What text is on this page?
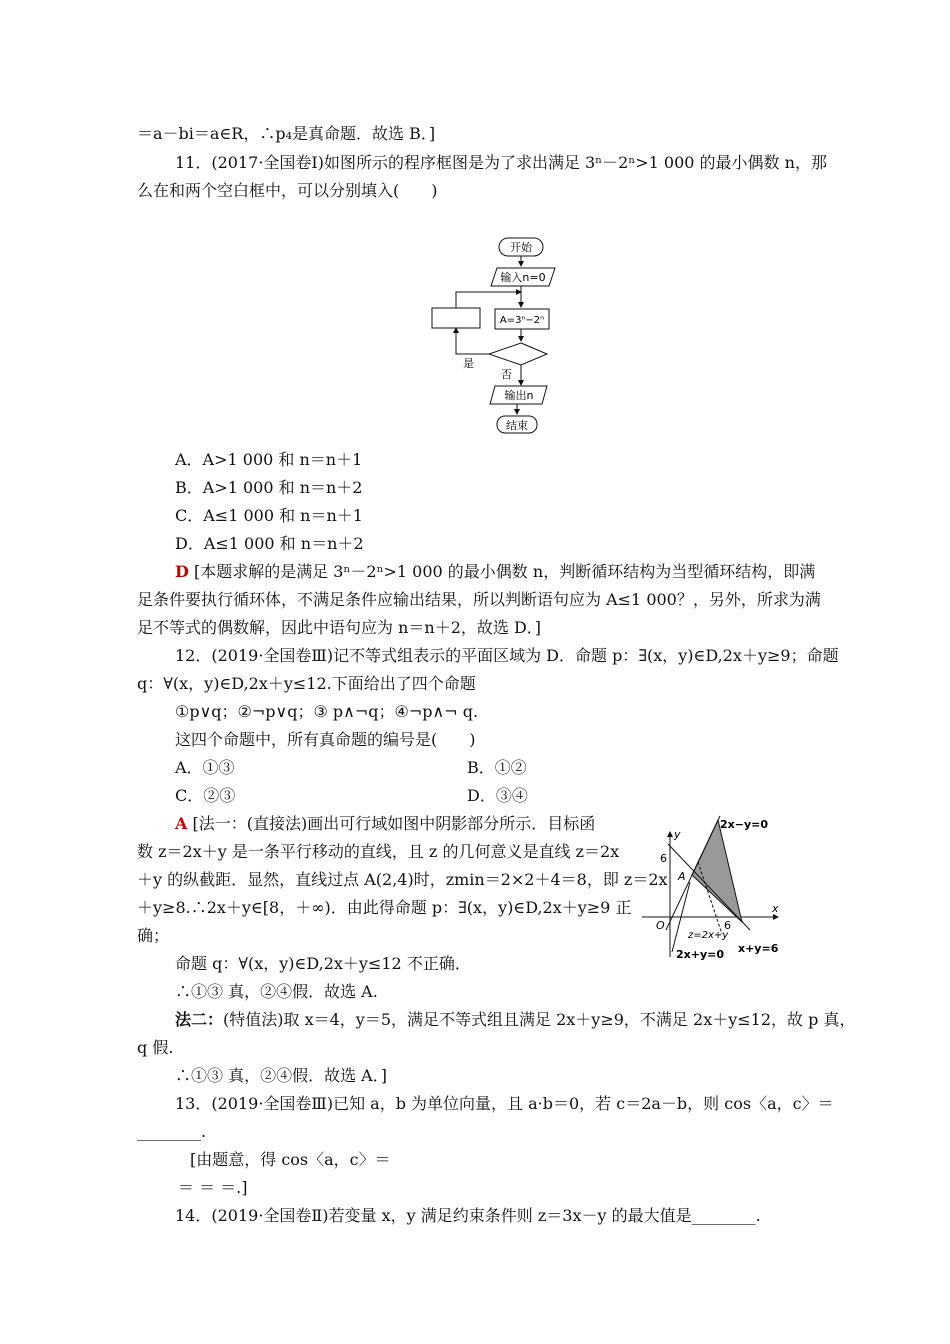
＝a－bi＝a∈R，∴p₄是真命题．故选 B．]
11．(2017·全国卷Ⅰ)如图所示的程序框图是为了求出满足 3ⁿ－2ⁿ>1 000 的最小偶数 n，那
么在和两个空白框中，可以分别填入(　　)
开始
输入n=0
A=3ⁿ−2ⁿ
是
否
输出n
结束
A．A>1 000 和 n＝n＋1
B．A>1 000 和 n＝n＋2
C．A≤1 000 和 n＝n＋1
D．A≤1 000 和 n＝n＋2
D [本题求解的是满足 3ⁿ－2ⁿ>1 000 的最小偶数 n，判断循环结构为当型循环结构，即满
足条件要执行循环体，不满足条件应输出结果，所以判断语句应为 A≤1 000？，另外，所求为满
足不等式的偶数解，因此中语句应为 n＝n＋2，故选 D．]
12．(2019·全国卷Ⅲ)记不等式组表示的平面区域为 D．命题 p：∃(x，y)∈D,2x＋y≥9；命题
q：∀(x，y)∈D,2x＋y≤12.下面给出了四个命题
①p∨q；②¬p∨q；③ p∧¬q；④¬p∧¬ q.
这四个命题中，所有真命题的编号是(　　)
A．①③	B．①②
C．②③	D．③④
A [法一：(直接法)画出可行域如图中阴影部分所示．目标函
数 z＝2x＋y 是一条平行移动的直线，且 z 的几何意义是直线 z＝2x
＋y 的纵截距．显然，直线过点 A(2,4)时，zmin＝2×2＋4＝8，即 z＝2x
＋y≥8.∴2x＋y∈[8，＋∞)．由此得命题 p：∃(x，y)∈D,2x＋y≥9 正
确；
y
x
O
2x−y=0
x+y=6
2x+y=0
z=2x+y
A
6
6
命题 q：∀(x，y)∈D,2x＋y≤12 不正确．
∴①③ 真，②④假．故选 A.
法二：(特值法)取 x＝4，y＝5，满足不等式组且满足 2x＋y≥9，不满足 2x＋y≤12，故 p 真，
q 假.
∴①③ 真，②④假．故选 A．]
13．(2019·全国卷Ⅲ)已知 a，b 为单位向量，且 a·b＝0，若 c＝2a－b，则 cos〈a，c〉＝
________.
[由题意，得 cos〈a，c〉＝
＝ ＝ ＝.]
14．(2019·全国卷Ⅱ)若变量 x，y 满足约束条件则 z＝3x－y 的最大值是________.
